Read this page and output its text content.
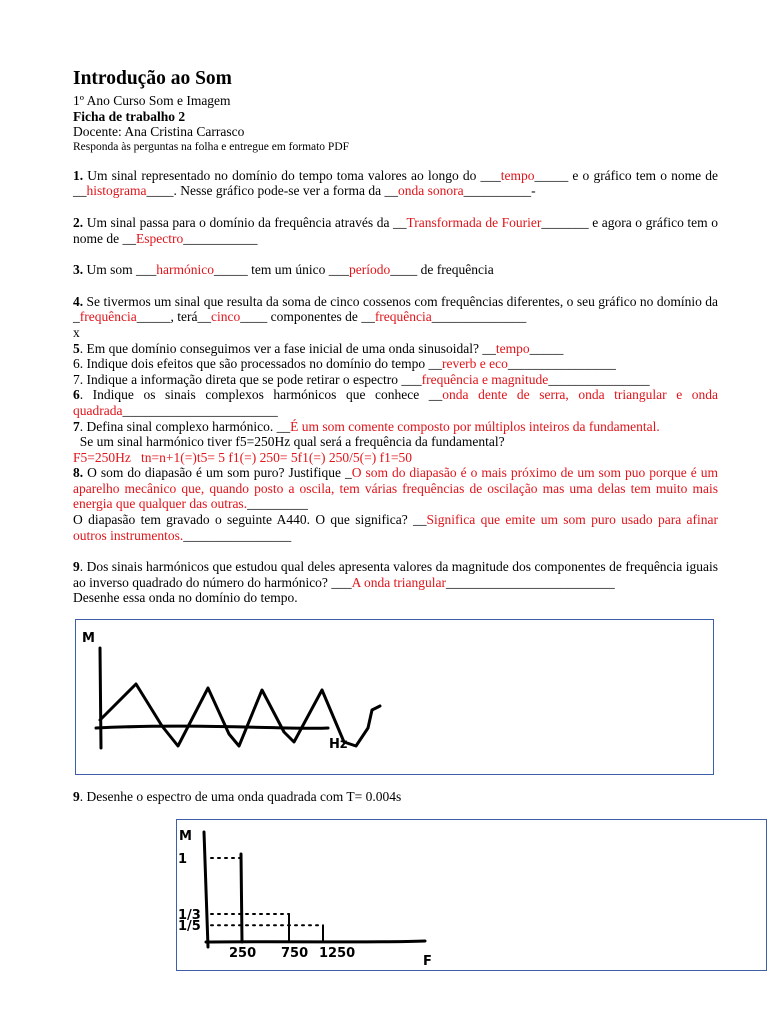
Introdução ao Som
1º Ano Curso Som e Imagem
Ficha de trabalho 2
Docente: Ana Cristina Carrasco
Responda às perguntas na folha e entregue em formato PDF
1. Um sinal representado no domínio do tempo toma valores ao longo do ___tempo_____ e o gráfico tem o nome de __histograma____. Nesse gráfico pode-se ver a forma da __onda sonora__________-
2. Um sinal passa para o domínio da frequência através da __Transformada de Fourier_______ e agora o gráfico tem o nome de __Espectro___________
3. Um som ___harmónico_____ tem um único ___período____ de frequência
4. Se tivermos um sinal que resulta da soma de cinco cossenos com frequências diferentes, o seu gráfico no domínio da _frequência_____, terá__cinco____ componentes de __frequência______________
x
5. Em que domínio conseguimos ver a fase inicial de uma onda sinusoidal? __tempo_____
6. Indique dois efeitos que são processados no domínio do tempo __reverb e eco________________
7. Indique a informação direta que se pode retirar o espectro ___frequência e magnitude_______________
6. Indique os sinais complexos harmónicos que conhece __onda dente de serra, onda triangular e onda quadrada_______________________
7. Defina sinal complexo harmónico. __É um som comente composto por múltiplos inteiros da fundamental.
Se um sinal harmónico tiver f5=250Hz qual será a frequência da fundamental?
F5=250Hz   tn=n+1(=)t5= 5 f1(=) 250= 5f1(=) 250/5(=) f1=50
8. O som do diapasão é um som puro? Justifique _O som do diapasão é o mais próximo de um som puo porque é um aparelho mecânico que, quando posto a oscila, tem várias frequências de oscilação mas uma delas tem muito mais energia que qualquer das outras._________
O diapasão tem gravado o seguinte A440. O que significa? __Significa que emite um som puro usado para afinar outros instrumentos.________________
9. Dos sinais harmónicos que estudou qual deles apresenta valores da magnitude dos componentes de frequência iguais ao inverso quadrado do número do harmónico? ___A onda triangular_________________________
Desenhe essa onda no domínio do tempo.
M
Hz
9. Desenhe o espectro de uma onda quadrada com T= 0.004s
M
1
250
1/3
750
1/5
1250
F
